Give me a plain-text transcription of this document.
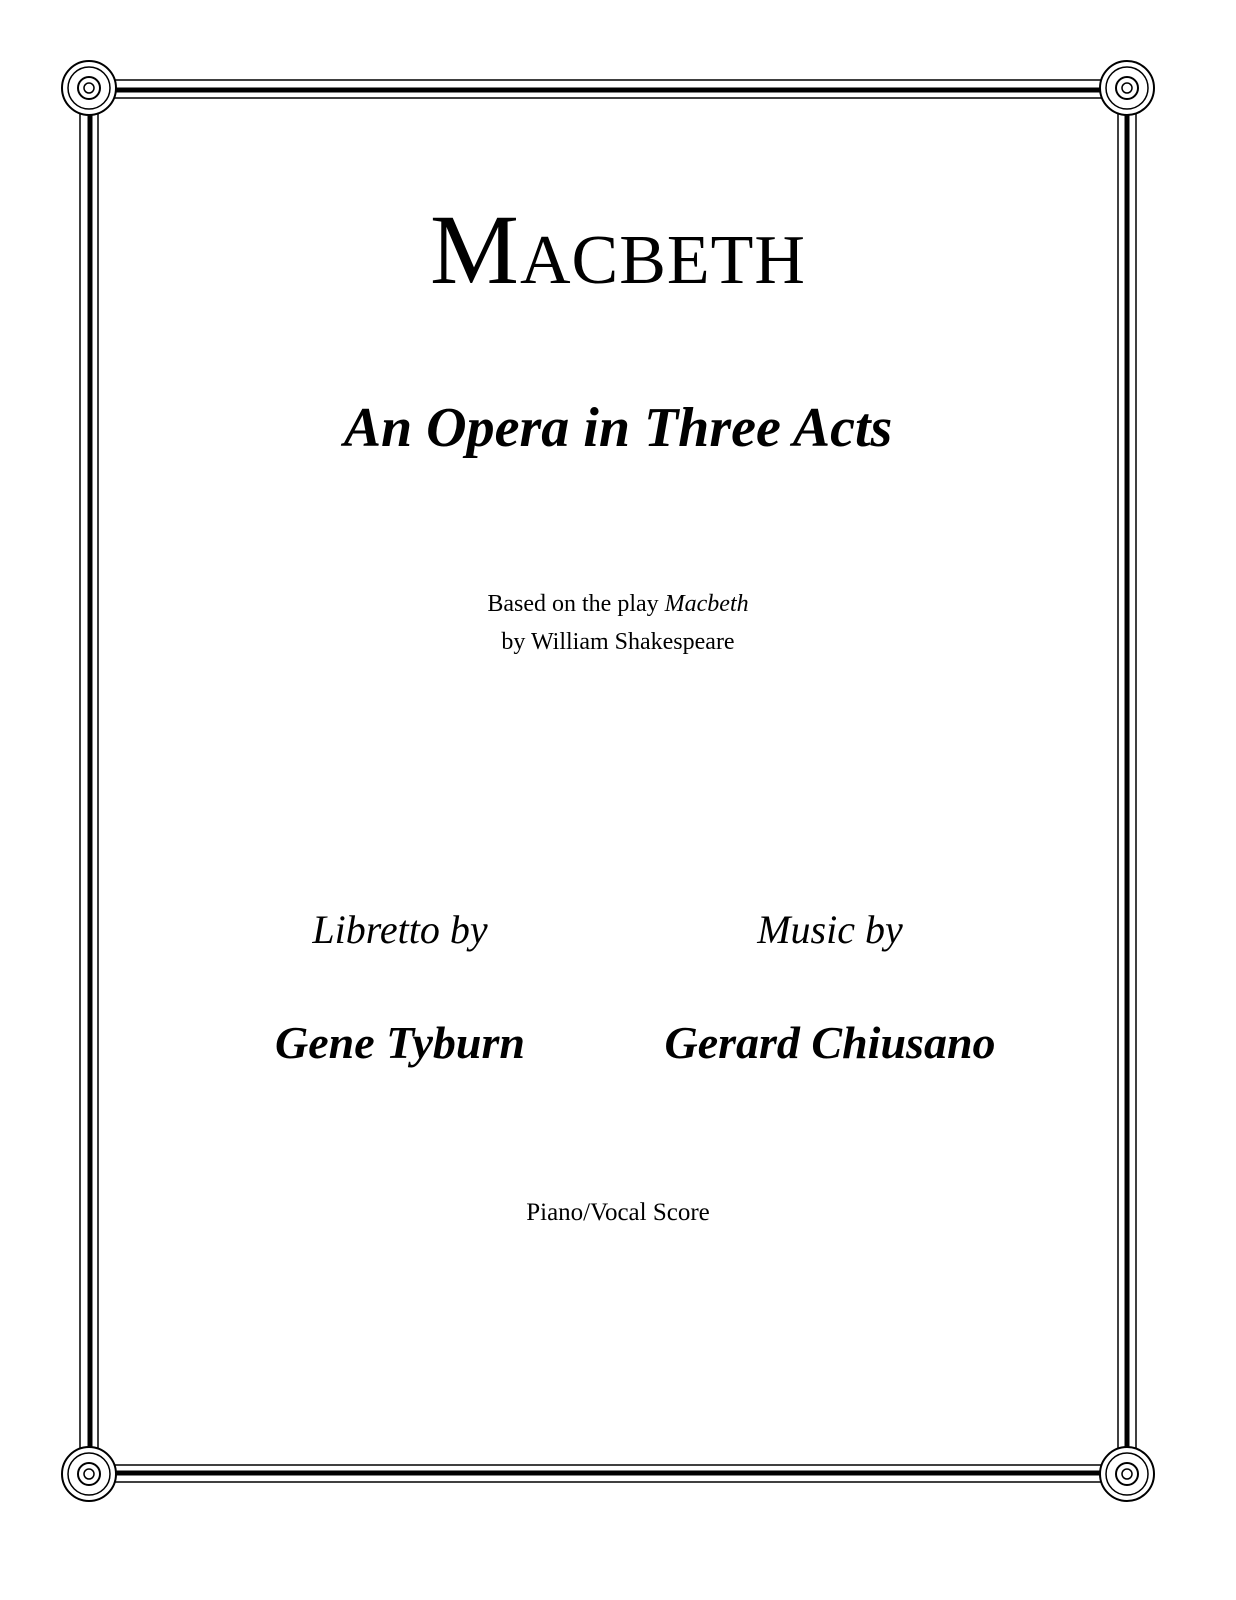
Macbeth
An Opera in Three Acts
Based on the play Macbeth
by William Shakespeare
Libretto by	Music by
Gene Tyburn	Gerard Chiusano
Piano/Vocal Score
